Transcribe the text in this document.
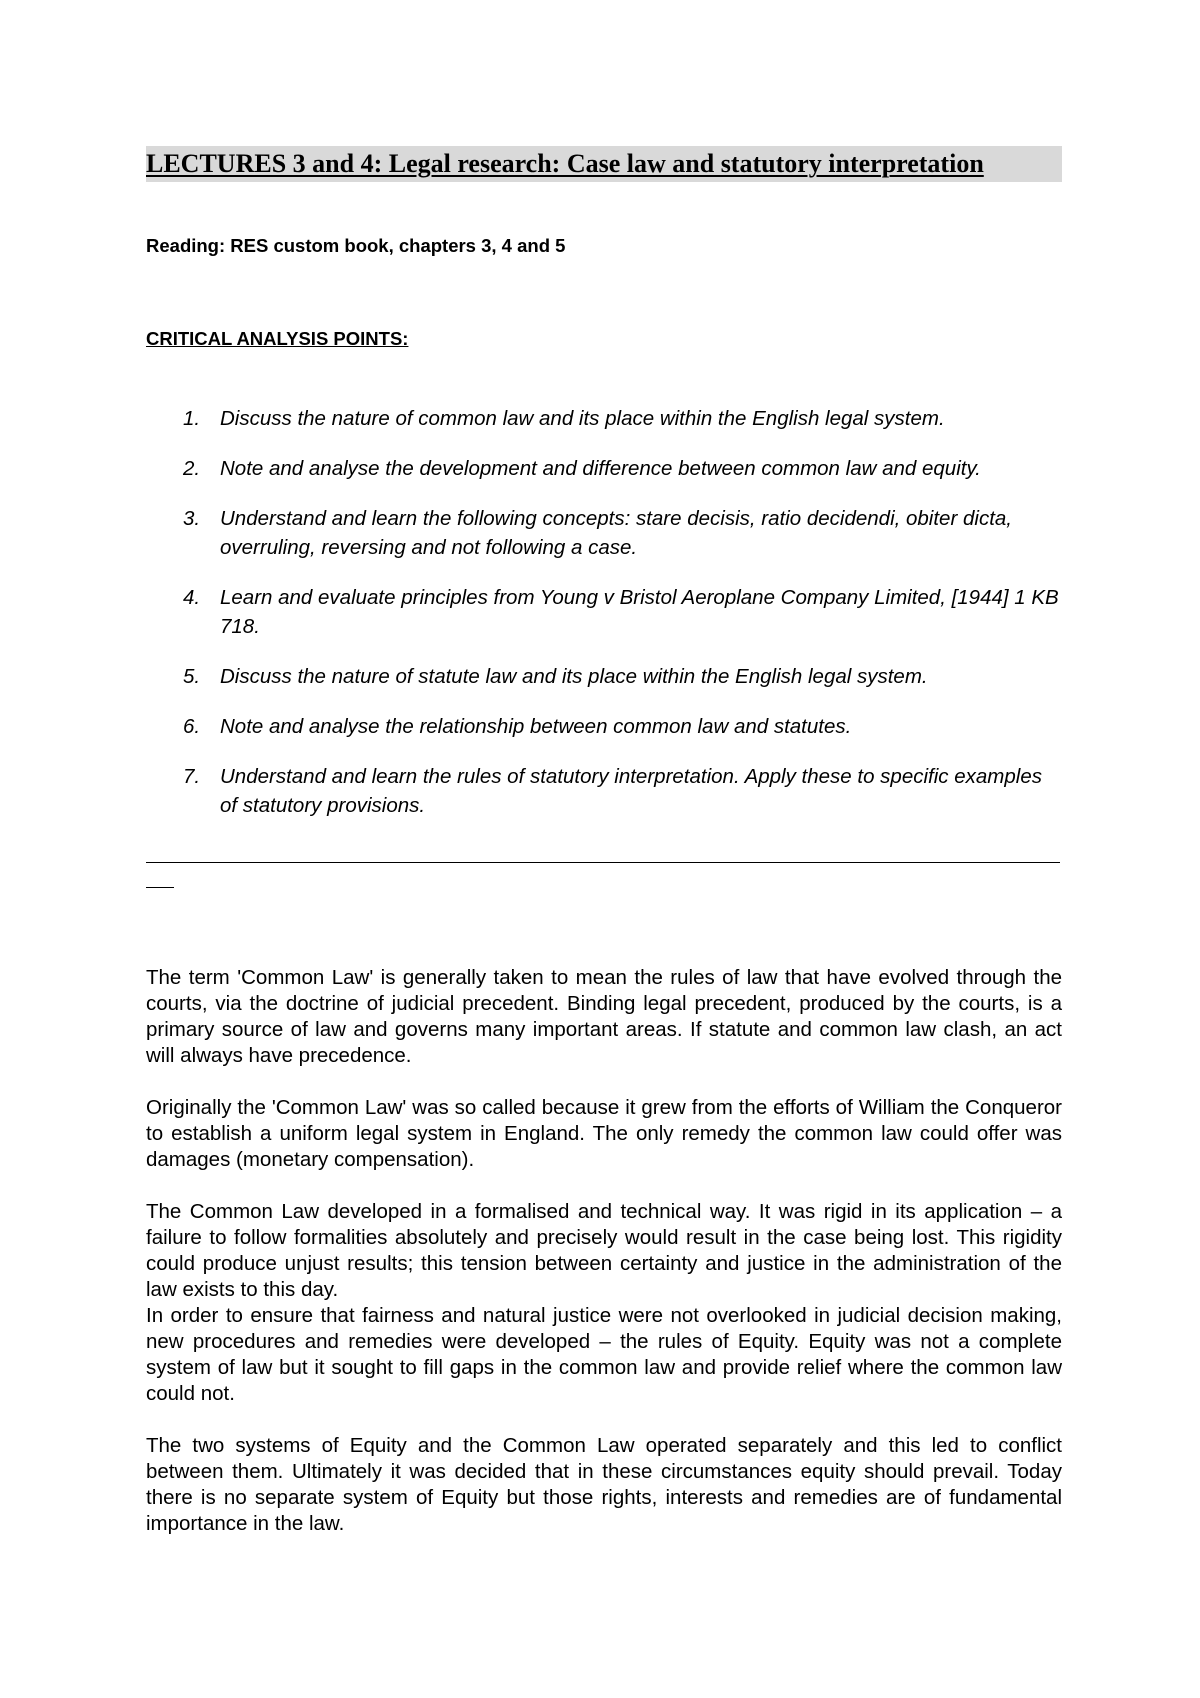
LECTURES 3 and 4: Legal research: Case law and statutory interpretation
Reading: RES custom book, chapters 3, 4 and 5
CRITICAL ANALYSIS POINTS:
1. Discuss the nature of common law and its place within the English legal system.
2. Note and analyse the development and difference between common law and equity.
3. Understand and learn the following concepts: stare decisis, ratio decidendi, obiter dicta, overruling, reversing and not following a case.
4. Learn and evaluate principles from Young v Bristol Aeroplane Company Limited, [1944] 1 KB 718.
5. Discuss the nature of statute law and its place within the English legal system.
6. Note and analyse the relationship between common law and statutes.
7. Understand and learn the rules of statutory interpretation. Apply these to specific examples of statutory provisions.

The term 'Common Law' is generally taken to mean the rules of law that have evolved through the courts, via the doctrine of judicial precedent. Binding legal precedent, produced by the courts, is a primary source of law and governs many important areas. If statute and common law clash, an act will always have precedence.

Originally the 'Common Law' was so called because it grew from the efforts of William the Conqueror to establish a uniform legal system in England. The only remedy the common law could offer was damages (monetary compensation).

The Common Law developed in a formalised and technical way. It was rigid in its application – a failure to follow formalities absolutely and precisely would result in the case being lost. This rigidity could produce unjust results; this tension between certainty and justice in the administration of the law exists to this day.

In order to ensure that fairness and natural justice were not overlooked in judicial decision making, new procedures and remedies were developed – the rules of Equity. Equity was not a complete system of law but it sought to fill gaps in the common law and provide relief where the common law could not.

The two systems of Equity and the Common Law operated separately and this led to conflict between them. Ultimately it was decided that in these circumstances equity should prevail. Today there is no separate system of Equity but those rights, interests and remedies are of fundamental importance in the law.
